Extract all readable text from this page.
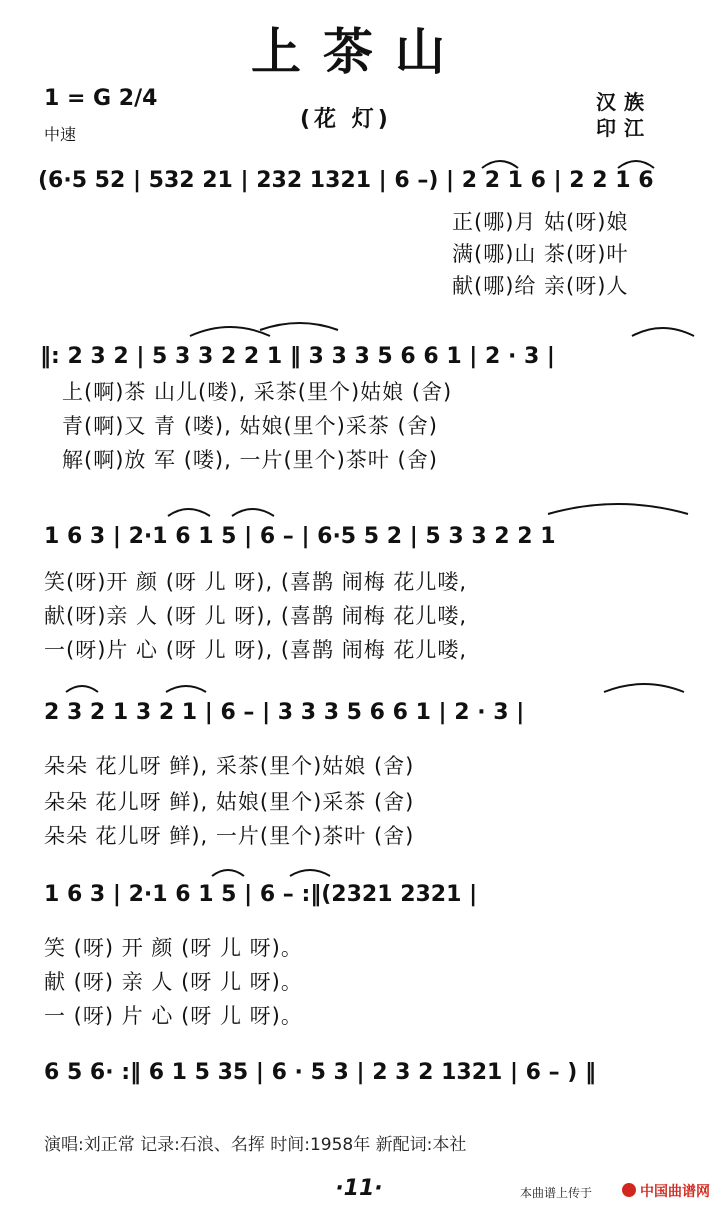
上茶山
(花 灯)
1 = G 2/4
中速
汉族
印江
(6·5 52 | 532 21 | 232 1321 | 6 –) | 2 2 1 6 | 2 2 1 6
正(哪)月 姑(呀)娘
满(哪)山 茶(呀)叶
献(哪)给 亲(呀)人
‖: 2 3 2 | 5 3 3 2 2 1 ‖ 3 3 3 5 6 6 1 | 2 · 3 |
上(啊)茶 山儿(喽), 采茶(里个)姑娘 (舍)
青(啊)又 青 (喽), 姑娘(里个)采茶 (舍)
解(啊)放 军 (喽), 一片(里个)茶叶 (舍)
1 6 3 | 2·1 6 1 5 | 6 – | 6·5 5 2 | 5 3 3 2 2 1
笑(呀)开 颜 (呀 儿 呀), (喜鹊 闹梅 花儿喽,
献(呀)亲 人 (呀 儿 呀), (喜鹊 闹梅 花儿喽,
一(呀)片 心 (呀 儿 呀), (喜鹊 闹梅 花儿喽,
2 3 2 1 3 2 1 | 6 – | 3 3 3 5 6 6 1 | 2 · 3 |
朵朵 花儿呀 鲜), 采茶(里个)姑娘 (舍)
朵朵 花儿呀 鲜), 姑娘(里个)采茶 (舍)
朵朵 花儿呀 鲜), 一片(里个)茶叶 (舍)
1 6 3 | 2·1 6 1 5 | 6 – :‖(2321 2321 |
笑 (呀) 开 颜 (呀 儿 呀)。
献 (呀) 亲 人 (呀 儿 呀)。
一 (呀) 片 心 (呀 儿 呀)。
6 5 6· :‖ 6 1 5 35 | 6 · 5 3 | 2 3 2 1321 | 6 – ) ‖
演唱:刘正常 记录:石浪、名挥 时间:1958年 新配词:本社
·11·	本曲谱上传于	中国曲谱网
